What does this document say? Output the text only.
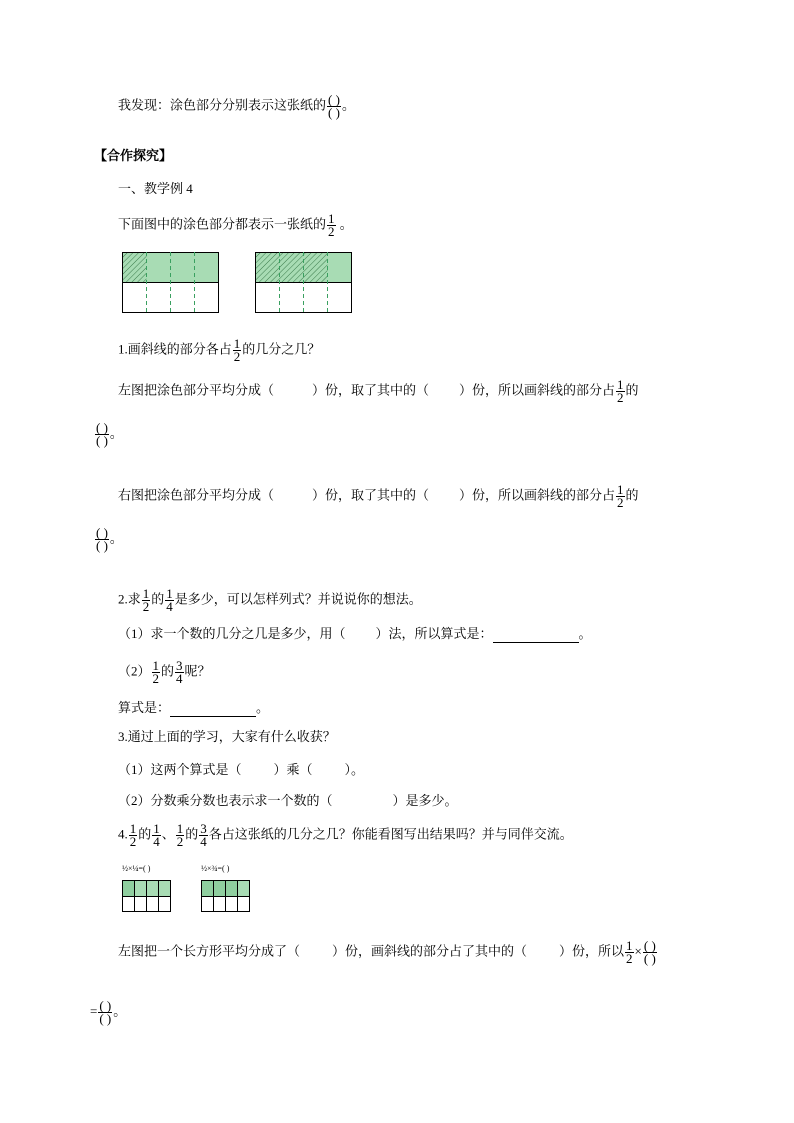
我发现：涂色部分分别表示这张纸的 $\frac{( )}{( )}$ 。
【合作探究】
一、教学例 4
下面图中的涂色部分都表示一张纸的 $\frac{1}{2}$ 。
1.画斜线的部分各占 $\frac{1}{2}$ 的几分之几？
左图把涂色部分平均分成（	）份，取了其中的（ ）份，所以画斜线的部分占 $\frac{1}{2}$ 的
$\frac{( )}{( )}$ 。
右图把涂色部分平均分成（	）份，取了其中的（ ）份，所以画斜线的部分占 $\frac{1}{2}$ 的
$\frac{( )}{( )}$ 。
2.求 $\frac{1}{2}$ 的 $\frac{1}{4}$ 是多少，可以怎样列式？并说说你的想法。
（1）求一个数的几分之几是多少，用（ ）法，所以算式是：	。
$(2) \frac{1}{2}$ 的 $\frac{3}{4}$ 呢？
算式是：	。
3.通过上面的学习，大家有什么收获？
（1）这两个算式是（ ）乘（ ）。
（2）分数乘分数也表示求一个数的（	）是多少。
4. $\frac{1}{2}$ 的 $\frac{1}{4}$ 、 $\frac{1}{2}$ 的 $\frac{3}{4}$ 各占这张纸的几分之几？你能看图写出结果吗？并与同伴交流。
½×¼=( )	½×¾=( )
左图把一个长方形平均分成了（ ）份，画斜线的部分占了其中的（ ）份，所以 $\frac{1}{2} \times \frac{( )}{( )}$
= $\frac{( )}{( )}$ 。
